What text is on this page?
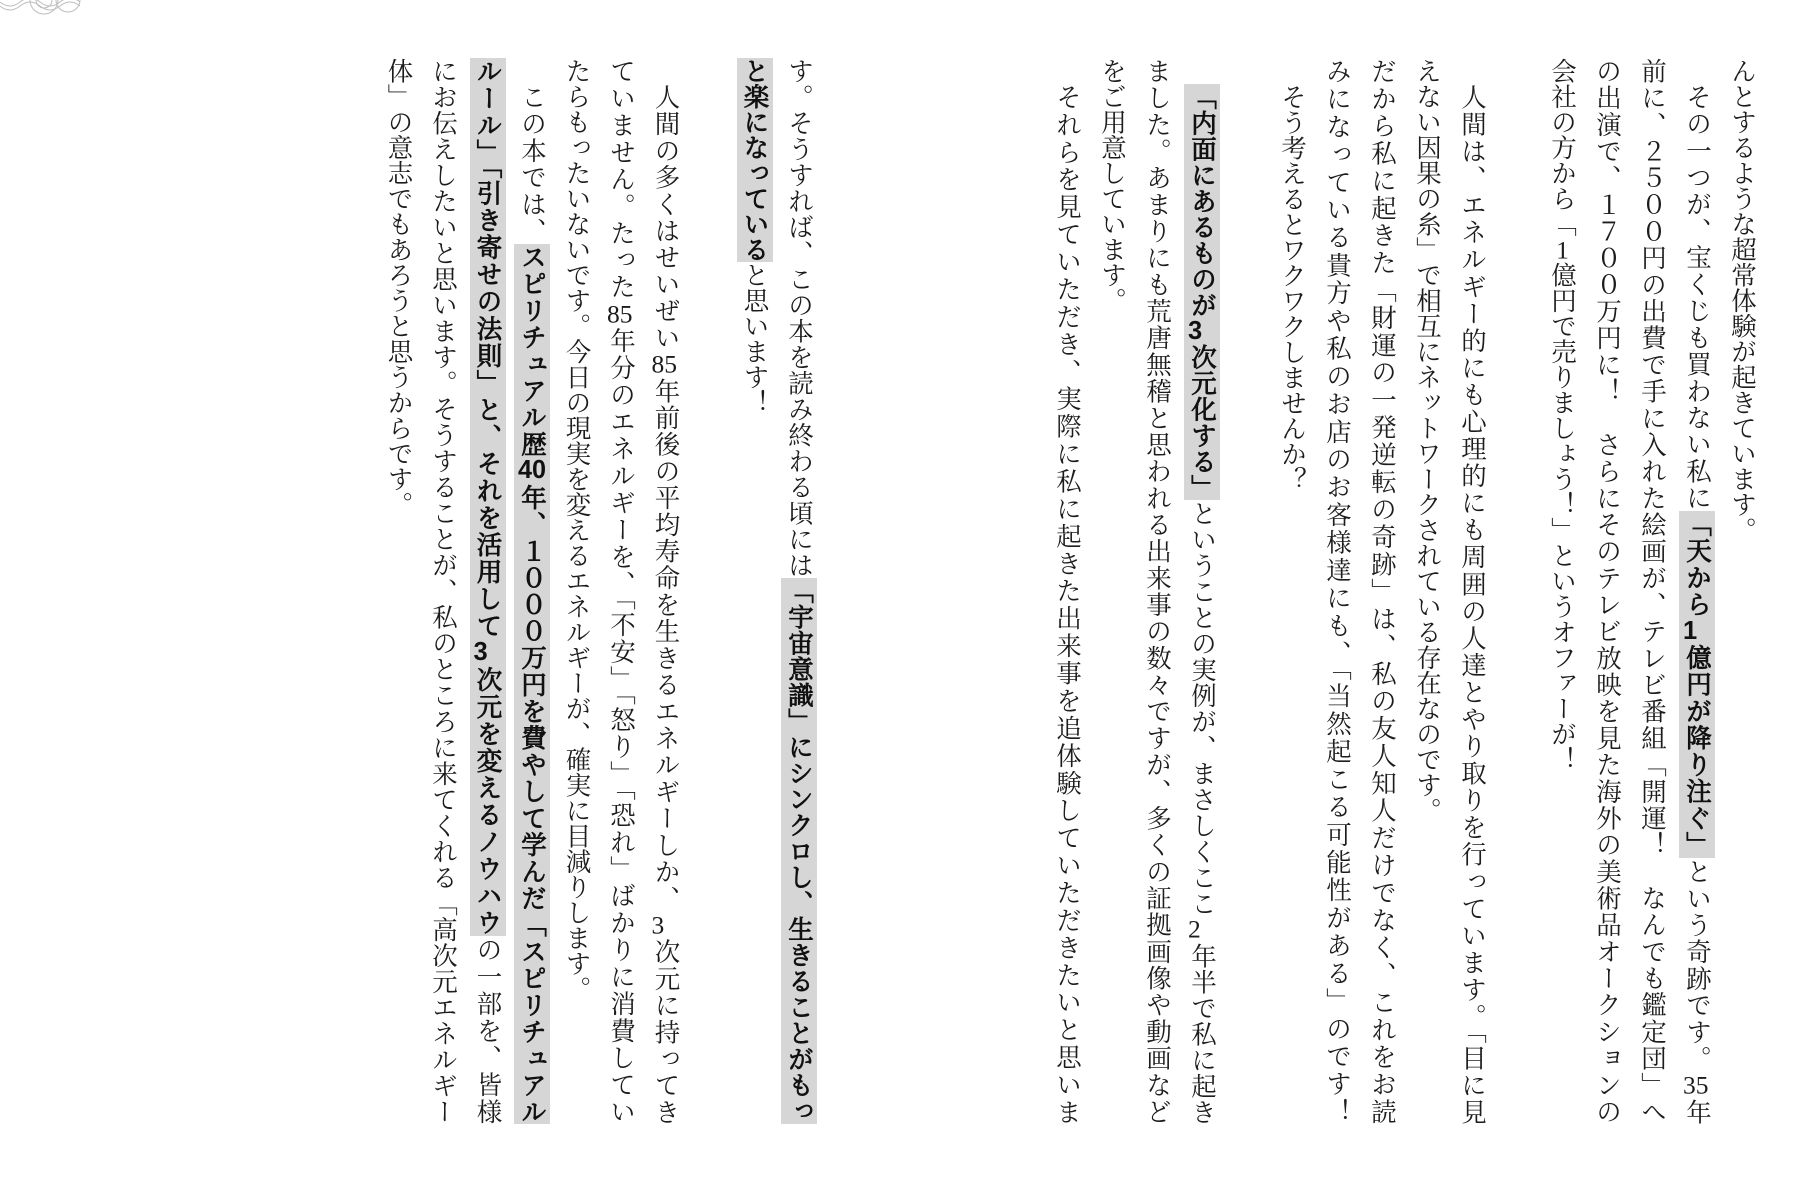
んとするような超常体験が起きています。
その一つが、宝くじも買わない私に「天から1億円が降り注ぐ」という奇跡です。35年
前に、２５００円の出費で手に入れた絵画が、テレビ番組「開運！　なんでも鑑定団」へ
の出演で、１７００万円に！　さらにそのテレビ放映を見た海外の美術品オークションの
会社の方から「1億円で売りましょう！」というオファーが！
人間は、エネルギー的にも心理的にも周囲の人達とやり取りを行っています。「目に見
えない因果の糸」で相互にネットワークされている存在なのです。
だから私に起きた「財運の一発逆転の奇跡」は、私の友人知人だけでなく、これをお読
みになっている貴方や私のお店のお客様達にも、「当然起こる可能性がある」のです！
そう考えるとワクワクしませんか？
「内面にあるものが3次元化する」ということの実例が、まさしくここ2年半で私に起き
ました。あまりにも荒唐無稽と思われる出来事の数々ですが、多くの証拠画像や動画など
をご用意しています。
それらを見ていただき、実際に私に起きた出来事を追体験していただきたいと思いま
す。そうすれば、この本を読み終わる頃には「宇宙意識」にシンクロし、生きることがもっ
と楽になっていると思います！
人間の多くはせいぜい85年前後の平均寿命を生きるエネルギーしか、3次元に持ってき
ていません。たった85年分のエネルギーを、「不安」「怒り」「恐れ」ばかりに消費してい
たらもったいないです。今日の現実を変えるエネルギーが、確実に目減りします。
この本では、スピリチュアル歴40年、１０００万円を費やして学んだ「スピリチュアル
ルール」「引き寄せの法則」と、それを活用して3次元を変えるノウハウの一部を、皆様
にお伝えしたいと思います。そうすることが、私のところに来てくれる「高次元エネルギー
体」の意志でもあろうと思うからです。
